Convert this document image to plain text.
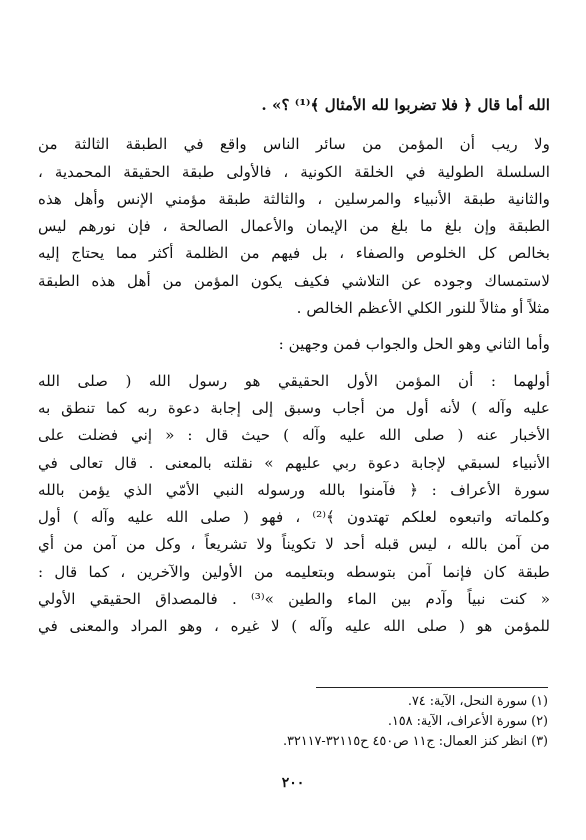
الله أما قال ﴿ فلا تضربوا لله الأمثال ﴾⁽¹⁾ ؟» .
ولا ريب أن المؤمن من سائر الناس واقع في الطبقة الثالثة من
السلسلة الطولية في الخلقة الكونية ، فالأولى طبقة الحقيقة المحمدية ،
والثانية طبقة الأنبياء والمرسلين ، والثالثة طبقة مؤمني الإنس وأهل هذه
الطبقة وإن بلغ ما بلغ من الإيمان والأعمال الصالحة ، فإن نورهم ليس
بخالص كل الخلوص والصفاء ، بل فيهم من الظلمة أكثر مما يحتاج إليه
لاستمساك وجوده عن التلاشي فكيف يكون المؤمن من أهل هذه الطبقة
مثلاً أو مثالاً للنور الكلي الأعظم الخالص .
وأما الثاني وهو الحل والجواب فمن وجهين :
أولهما : أن المؤمن الأول الحقيقي هو رسول الله ( صلى الله
عليه وآله ) لأنه أول من أجاب وسبق إلى إجابة دعوة ربه كما تنطق به
الأخبار عنه ( صلى الله عليه وآله ) حيث قال : « إني فضلت على
الأنبياء لسبقي لإجابة دعوة ربي عليهم » نقلته بالمعنى . قال تعالى في
سورة الأعراف : ﴿ فآمنوا بالله ورسوله النبي الأمّي الذي يؤمن بالله
وكلماته واتبعوه لعلكم تهتدون ﴾⁽²⁾ ، فهو ( صلى الله عليه وآله ) أول
من آمن بالله ، ليس قبله أحد لا تكويناً ولا تشريعاً ، وكل من آمن من أي
طبقة كان فإنما آمن بتوسطه وبتعليمه من الأولين والآخرين ، كما قال :
« كنت نبياً وآدم بين الماء والطين »⁽³⁾ . فالمصداق الحقيقي الأولي
للمؤمن هو ( صلى الله عليه وآله ) لا غيره ، وهو المراد والمعنى في
(١) سورة النحل، الآية: ٧٤.
(٢) سورة الأعراف، الآية: ١٥٨.
(٣) انظر كنز العمال: ج١١ ص٤٥٠ ح٣٢١١٥-٣٢١١٧.
٢٠٠
